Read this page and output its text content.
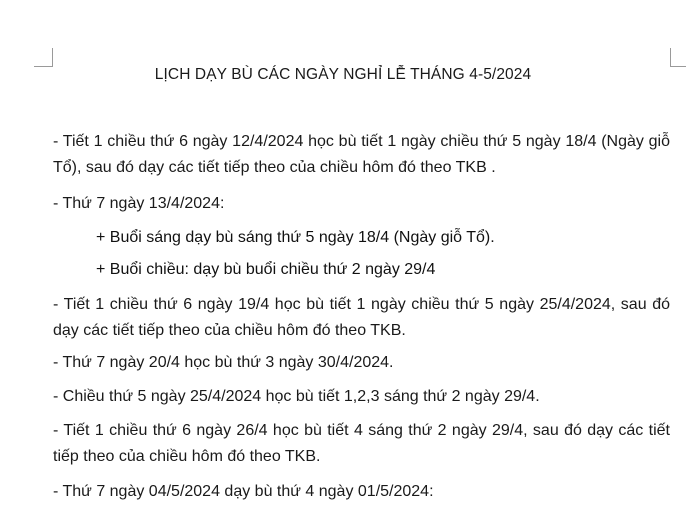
LỊCH DẠY BÙ CÁC NGÀY NGHỈ LỄ THÁNG 4-5/2024
- Tiết 1 chiều thứ 6 ngày 12/4/2024 học bù tiết 1 ngày chiều thứ 5 ngày 18/4 (Ngày giỗ Tổ), sau đó dạy các tiết tiếp theo của chiều hôm đó theo TKB .
- Thứ 7 ngày 13/4/2024:
+ Buổi sáng dạy bù sáng thứ 5 ngày 18/4 (Ngày giỗ Tổ).
+ Buổi chiều: dạy bù buổi chiều thứ 2 ngày 29/4
- Tiết 1 chiều thứ 6 ngày 19/4 học bù tiết 1 ngày chiều thứ 5 ngày 25/4/2024, sau đó dạy các tiết tiếp theo của chiều hôm đó theo TKB.
- Thứ 7 ngày 20/4 học bù thứ 3 ngày 30/4/2024.
- Chiều thứ 5 ngày 25/4/2024 học bù tiết 1,2,3 sáng thứ 2 ngày 29/4.
- Tiết 1 chiều thứ 6 ngày 26/4 học bù tiết 4 sáng thứ 2 ngày 29/4, sau đó dạy các tiết tiếp theo của chiều hôm đó theo TKB.
- Thứ 7 ngày 04/5/2024 dạy bù thứ 4 ngày 01/5/2024:
